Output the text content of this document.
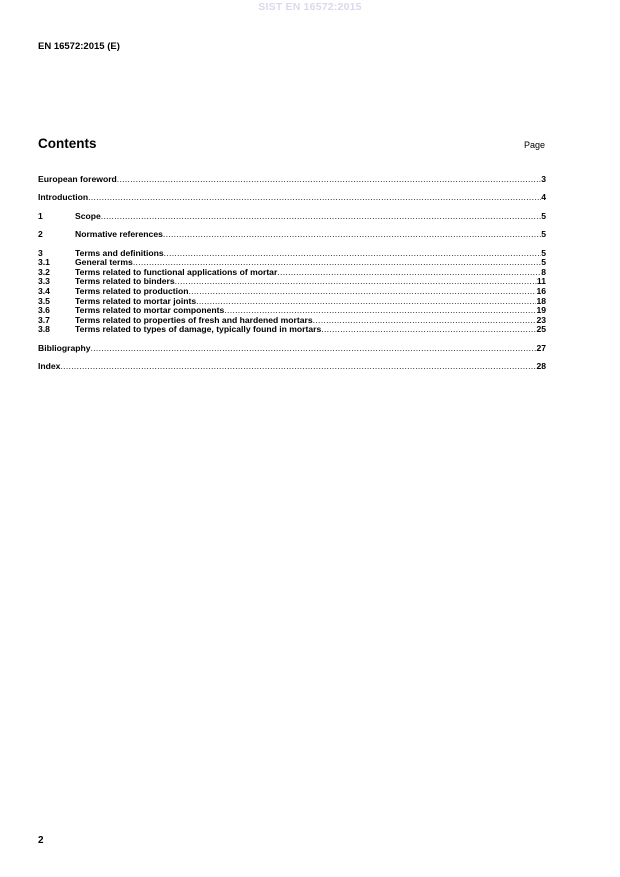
SIST EN 16572:2015
EN 16572:2015 (E)
Contents	Page
European foreword .....	3
Introduction .....	4
1	Scope .....	5
2	Normative references .....	5
3	Terms and definitions .....	5
3.1	General terms .....	5
3.2	Terms related to functional applications of mortar .....	8
3.3	Terms related to binders .....	11
3.4	Terms related to production .....	16
3.5	Terms related to mortar joints .....	18
3.6	Terms related to mortar components .....	19
3.7	Terms related to properties of fresh and hardened mortars .....	23
3.8	Terms related to types of damage, typically found in mortars .....	25
Bibliography .....	27
Index .....	28
2
